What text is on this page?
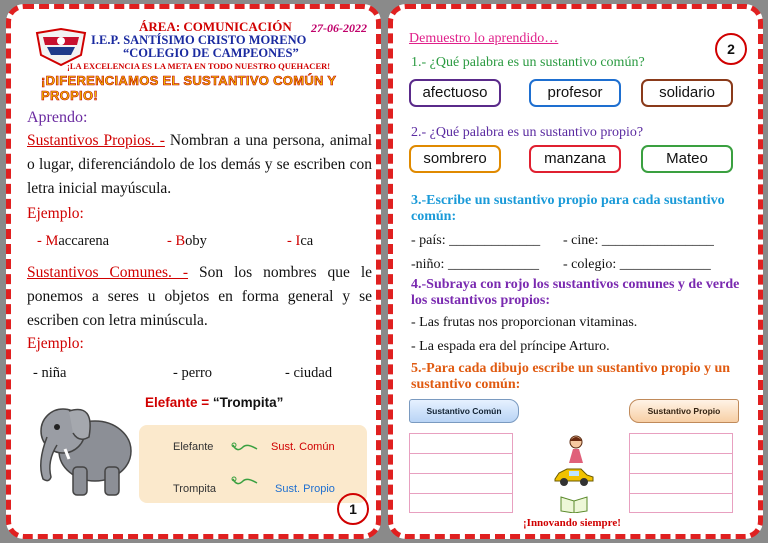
ÁREA: COMUNICACIÓN 27-06-2022
I.E.P. SANTÍSIMO CRISTO MORENO
“COLEGIO DE CAMPEONES”
¡LA EXCELENCIA ES LA META EN TODO NUESTRO QUEHACER!
¡DIFERENCIAMOS EL SUSTANTIVO COMÚN Y PROPIO!
Aprendo:
Sustantivos Propios. - Nombran a una persona, animal o lugar, diferenciándolo de los demás y se escriben con letra inicial mayúscula.
Ejemplo:
- Maccarena	- Boby	- Ica
Sustantivos Comunes. - Son los nombres que le ponemos a seres u objetos en forma general y se escriben con letra minúscula.
Ejemplo:
- niña	- perro	- ciudad
Elefante = “Trompita”
Elefante	Sust. Común
Trompita	Sust. Propio
1
Demuestro lo aprendido…
2
1.- ¿Qué palabra es un sustantivo común?
afectuoso	profesor	solidario
2.- ¿Qué palabra es un sustantivo propio?
sombrero	manzana	Mateo
3.-Escribe un sustantivo propio para cada sustantivo común:
- país: _____________ - cine: ________________
-niño: _____________ - colegio: _____________
4.-Subraya con rojo los sustantivos comunes y de verde los sustantivos propios:
- Las frutas nos proporcionan vitaminas.
- La espada era del príncipe Arturo.
5.-Para cada dibujo escribe un sustantivo propio y un sustantivo común:
Sustantivo Común	Sustantivo Propio
¡Innovando siempre!
